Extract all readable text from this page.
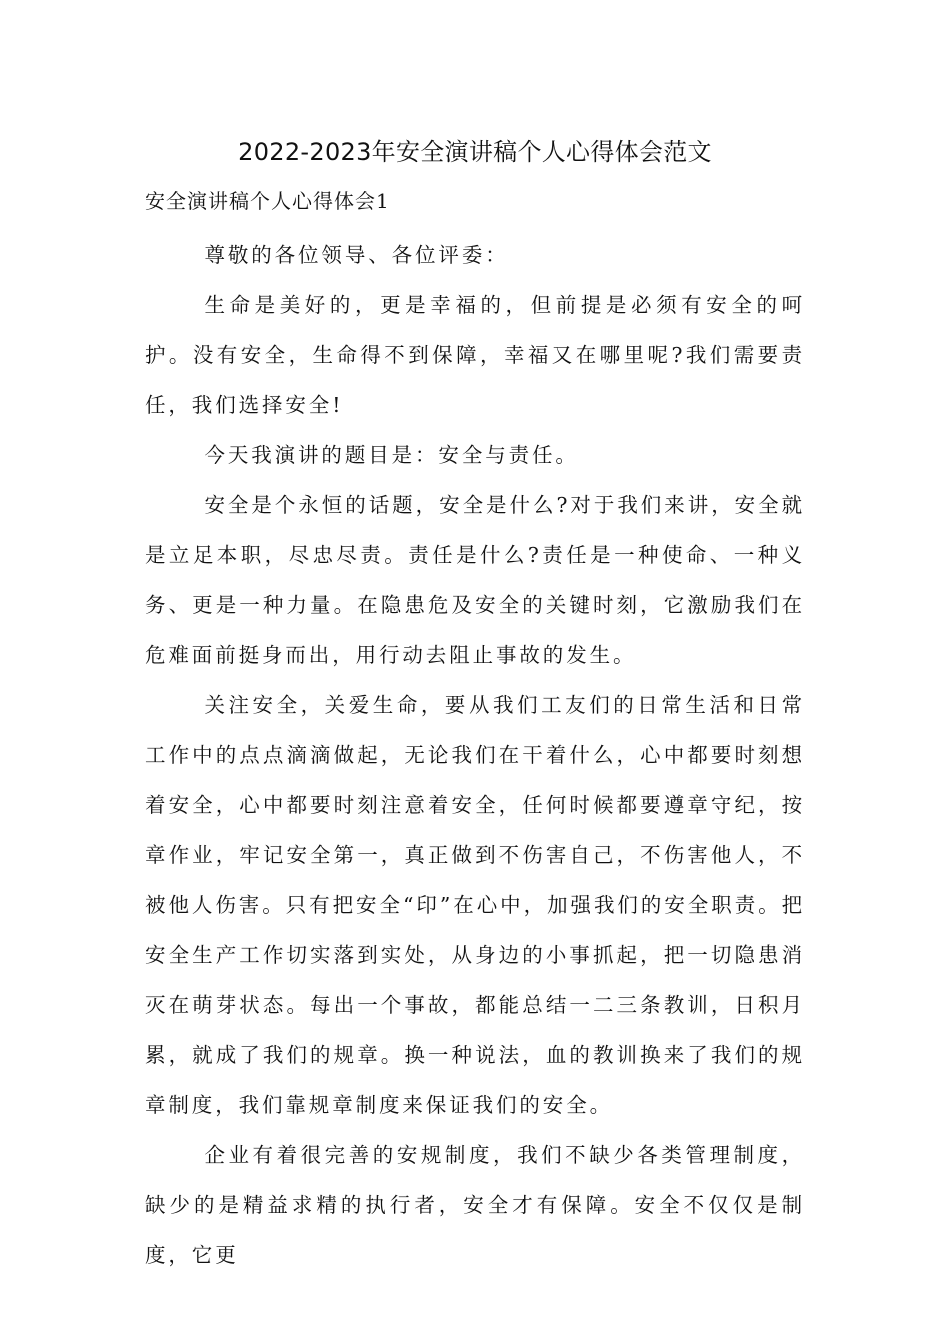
2022-2023年安全演讲稿个人心得体会范文
安全演讲稿个人心得体会1

尊敬的各位领导、各位评委：

生命是美好的，更是幸福的，但前提是必须有安全的呵护。没有安全，生命得不到保障，幸福又在哪里呢?我们需要责任，我们选择安全!

今天我演讲的题目是：安全与责任。

安全是个永恒的话题，安全是什么?对于我们来讲，安全就是立足本职，尽忠尽责。责任是什么?责任是一种使命、一种义务、更是一种力量。在隐患危及安全的关键时刻，它激励我们在危难面前挺身而出，用行动去阻止事故的发生。

关注安全，关爱生命，要从我们工友们的日常生活和日常工作中的点点滴滴做起，无论我们在干着什么，心中都要时刻想着安全，心中都要时刻注意着安全，任何时候都要遵章守纪，按章作业，牢记安全第一，真正做到不伤害自己，不伤害他人，不被他人伤害。只有把安全“印”在心中，加强我们的安全职责。把安全生产工作切实落到实处，从身边的小事抓起，把一切隐患消灭在萌芽状态。每出一个事故，都能总结一二三条教训，日积月累，就成了我们的规章。换一种说法，血的教训换来了我们的规章制度，我们靠规章制度来保证我们的安全。

企业有着很完善的安规制度，我们不缺少各类管理制度，缺少的是精益求精的执行者，安全才有保障。安全不仅仅是制度，它更
